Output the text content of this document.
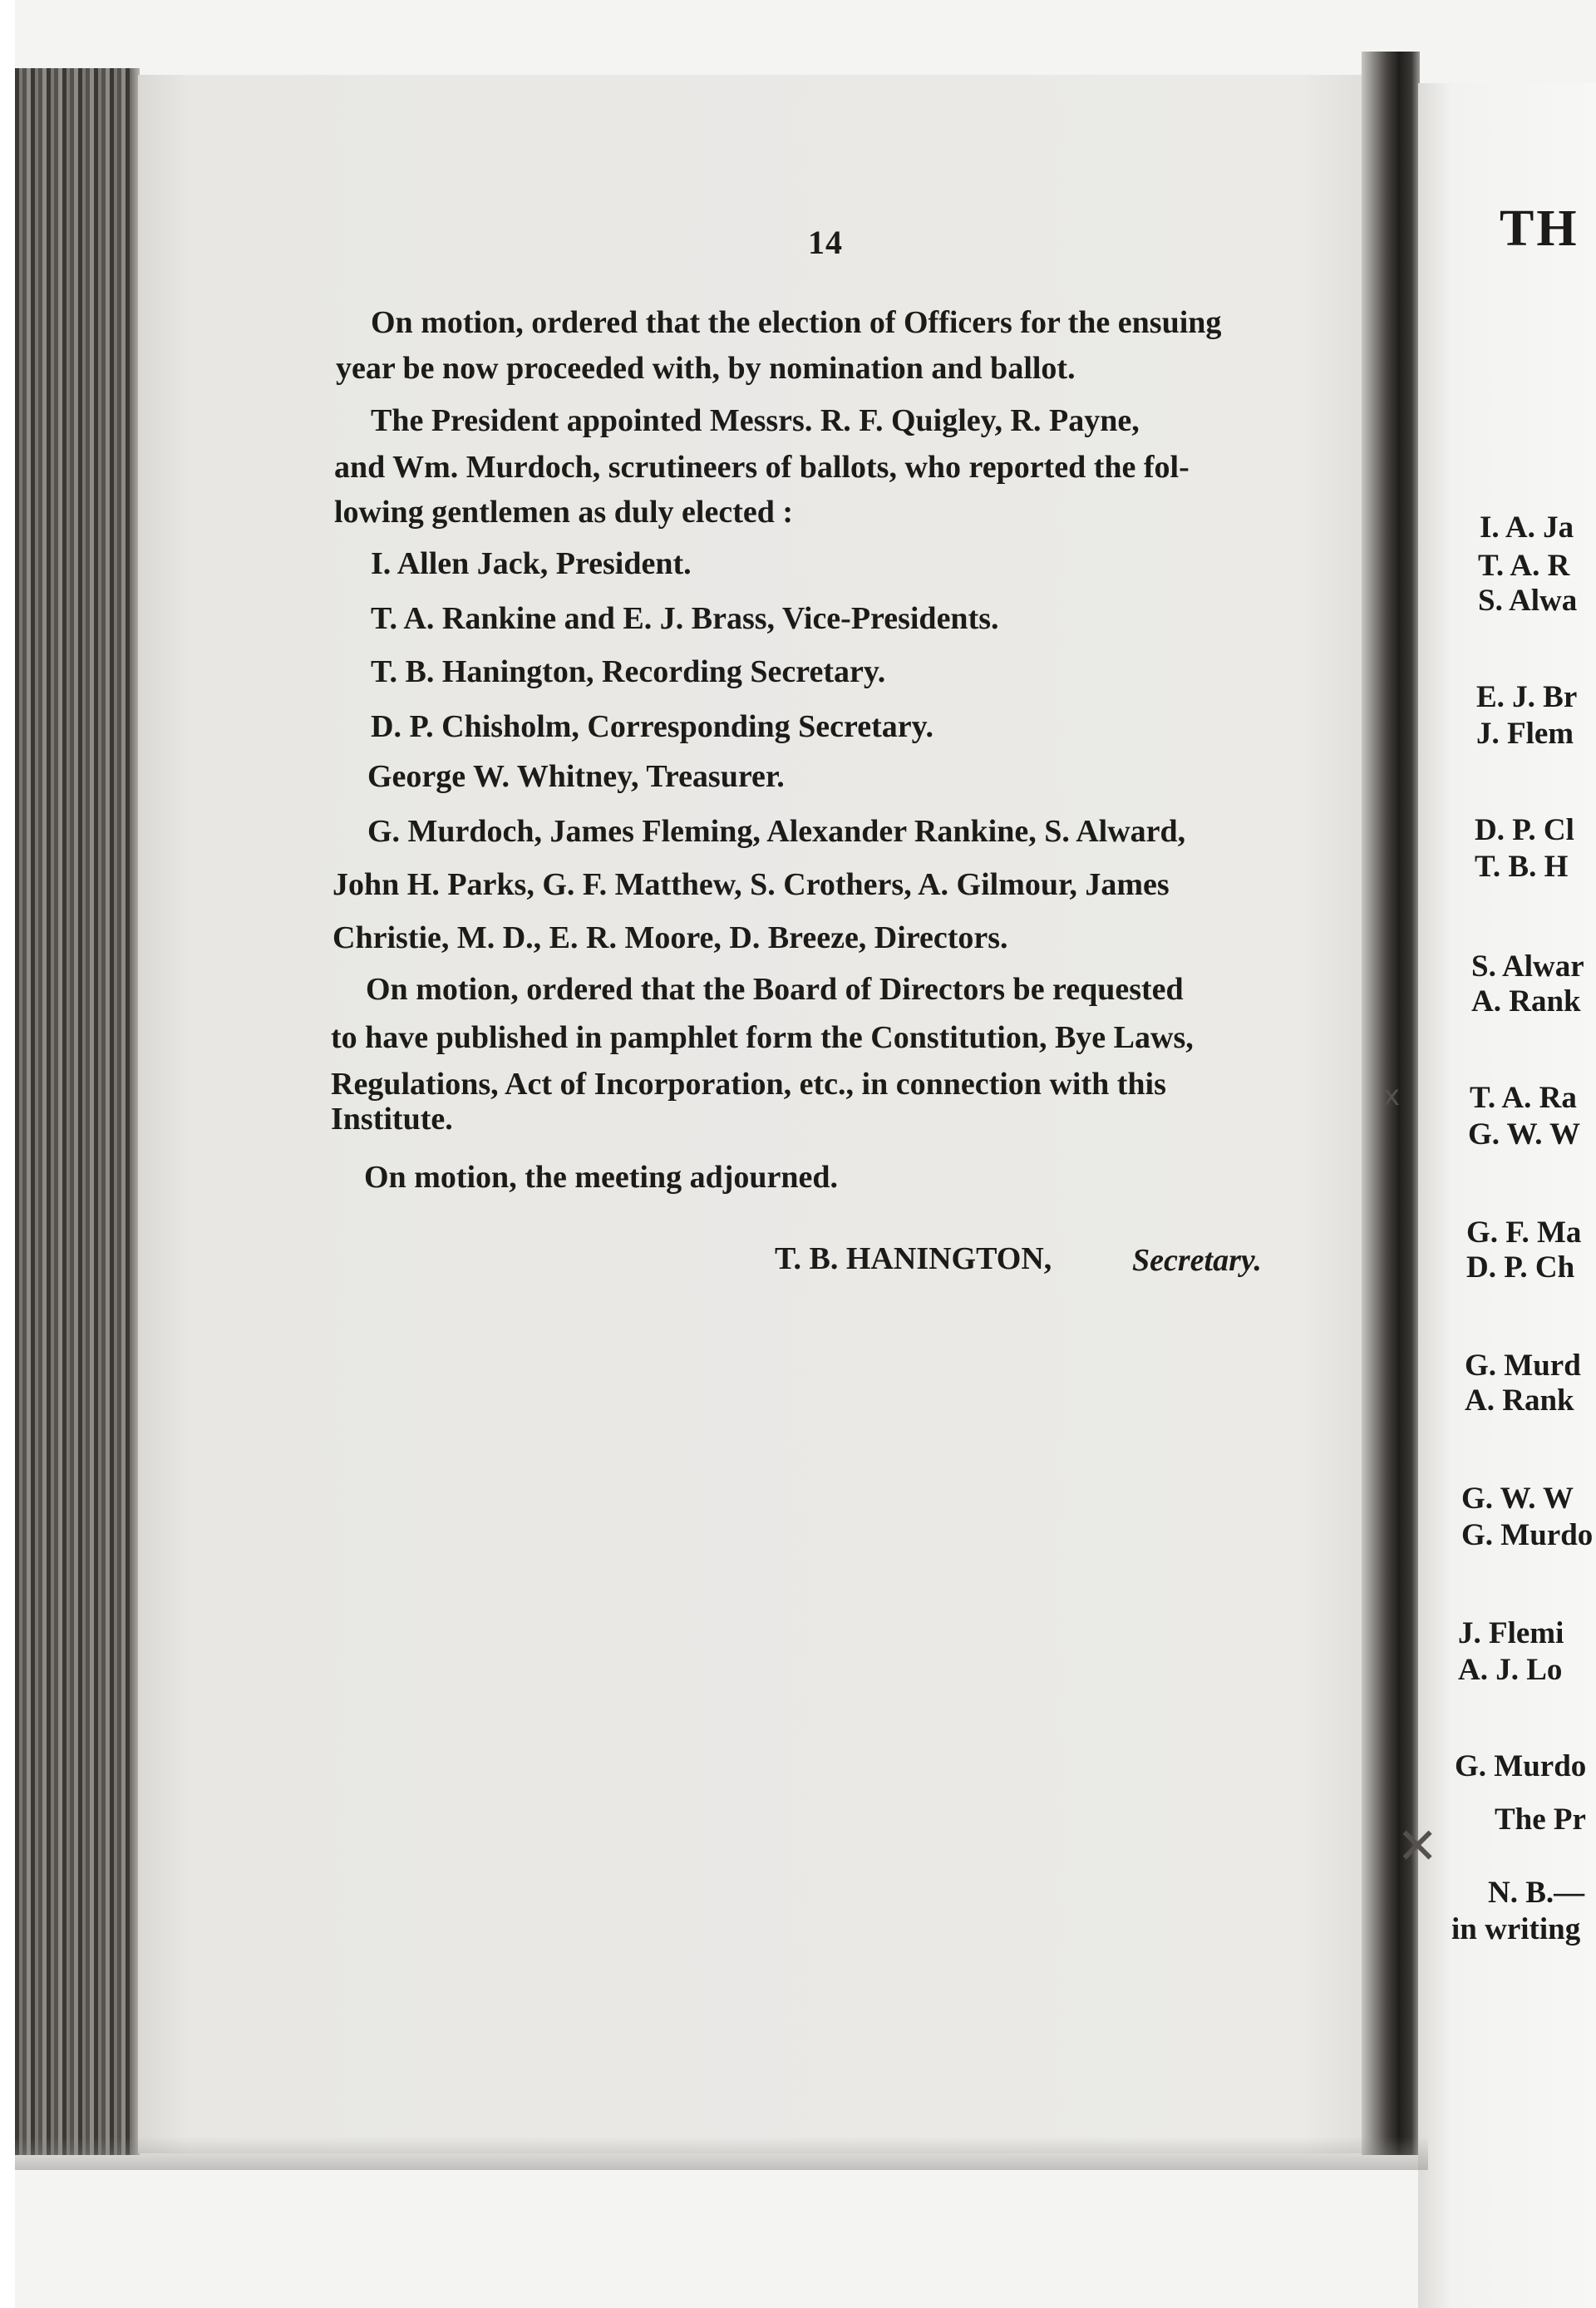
14
On motion, ordered that the election of Officers for the ensuing
year be now proceeded with, by nomination and ballot.
The President appointed Messrs. R. F. Quigley, R. Payne,
and Wm. Murdoch, scrutineers of ballots, who reported the fol-
lowing gentlemen as duly elected :
I. Allen Jack, President.
T. A. Rankine and E. J. Brass, Vice-Presidents.
T. B. Hanington, Recording Secretary.
D. P. Chisholm, Corresponding Secretary.
George W. Whitney, Treasurer.
G. Murdoch, James Fleming, Alexander Rankine, S. Alward,
John H. Parks, G. F. Matthew, S. Crothers, A. Gilmour, James
Christie, M. D., E. R. Moore, D. Breeze, Directors.
On motion, ordered that the Board of Directors be requested
to have published in pamphlet form the Constitution, Bye Laws,
Regulations, Act of Incorporation, etc., in connection with this
Institute.
On motion, the meeting adjourned.
T. B. HANINGTON,	Secretary.
TH
I. A. Ja
T. A. R
S. Alwa
E. J. Br
J. Flem
D. P. Cl
T. B. H
S. Alwar
A. Rank
T. A. Ra
G. W. W
G. F. Ma
D. P. Ch
G. Murd
A. Rank
G. W. W
G. Murdo
J. Flemi
A. J. Lo
G. Murdo
The Pr
N. B.—
in writing
x
✕
